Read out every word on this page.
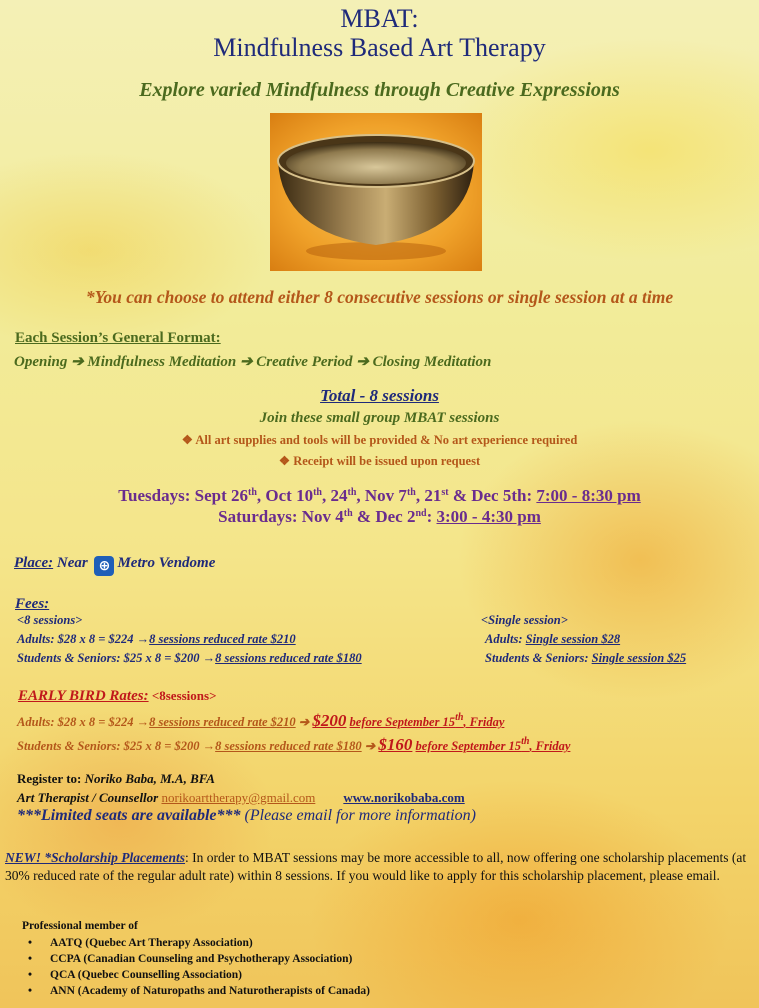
MBAT:
Mindfulness Based Art Therapy
Explore varied Mindfulness through Creative Expressions
*You can choose to attend either 8 consecutive sessions or single session at a time
Each Session’s General Format:
Opening ➔ Mindfulness Meditation ➔ Creative Period ➔ Closing Meditation
Total - 8 sessions
Join these small group MBAT sessions
❖ All art supplies and tools will be provided & No art experience required
❖ Receipt will be issued upon request
Tuesdays: Sept 26th, Oct 10th, 24th, Nov 7th, 21st & Dec 5th: 7:00 - 8:30 pm
Saturdays: Nov 4th & Dec 2nd: 3:00 - 4:30 pm
Place: Near ⊕ Metro Vendome
Fees:
<8 sessions>
Adults: $28 x 8 = $224 →8 sessions reduced rate $210
Students & Seniors: $25 x 8 = $200 →8 sessions reduced rate $180
<Single session>
Adults: Single session $28
Students & Seniors: Single session $25
EARLY BIRD Rates: <8sessions>
Adults: $28 x 8 = $224 →8 sessions reduced rate $210 ➔ $200 before September 15th, Friday
Students & Seniors: $25 x 8 = $200 →8 sessions reduced rate $180 ➔ $160 before September 15th, Friday
Register to: Noriko Baba, M.A, BFA
Art Therapist / Counsellor norikoarttherapy@gmail.com www.norikobaba.com
***Limited seats are available*** (Please email for more information)
NEW! *Scholarship Placements: In order to MBAT sessions may be more accessible to all, now offering one scholarship placements (at 30% reduced rate of the regular adult rate) within 8 sessions. If you would like to apply for this scholarship placement, please email.
Professional member of
• AATQ (Quebec Art Therapy Association)
• CCPA (Canadian Counseling and Psychotherapy Association)
• QCA (Quebec Counselling Association)
• ANN (Academy of Naturopaths and Naturotherapists of Canada)
